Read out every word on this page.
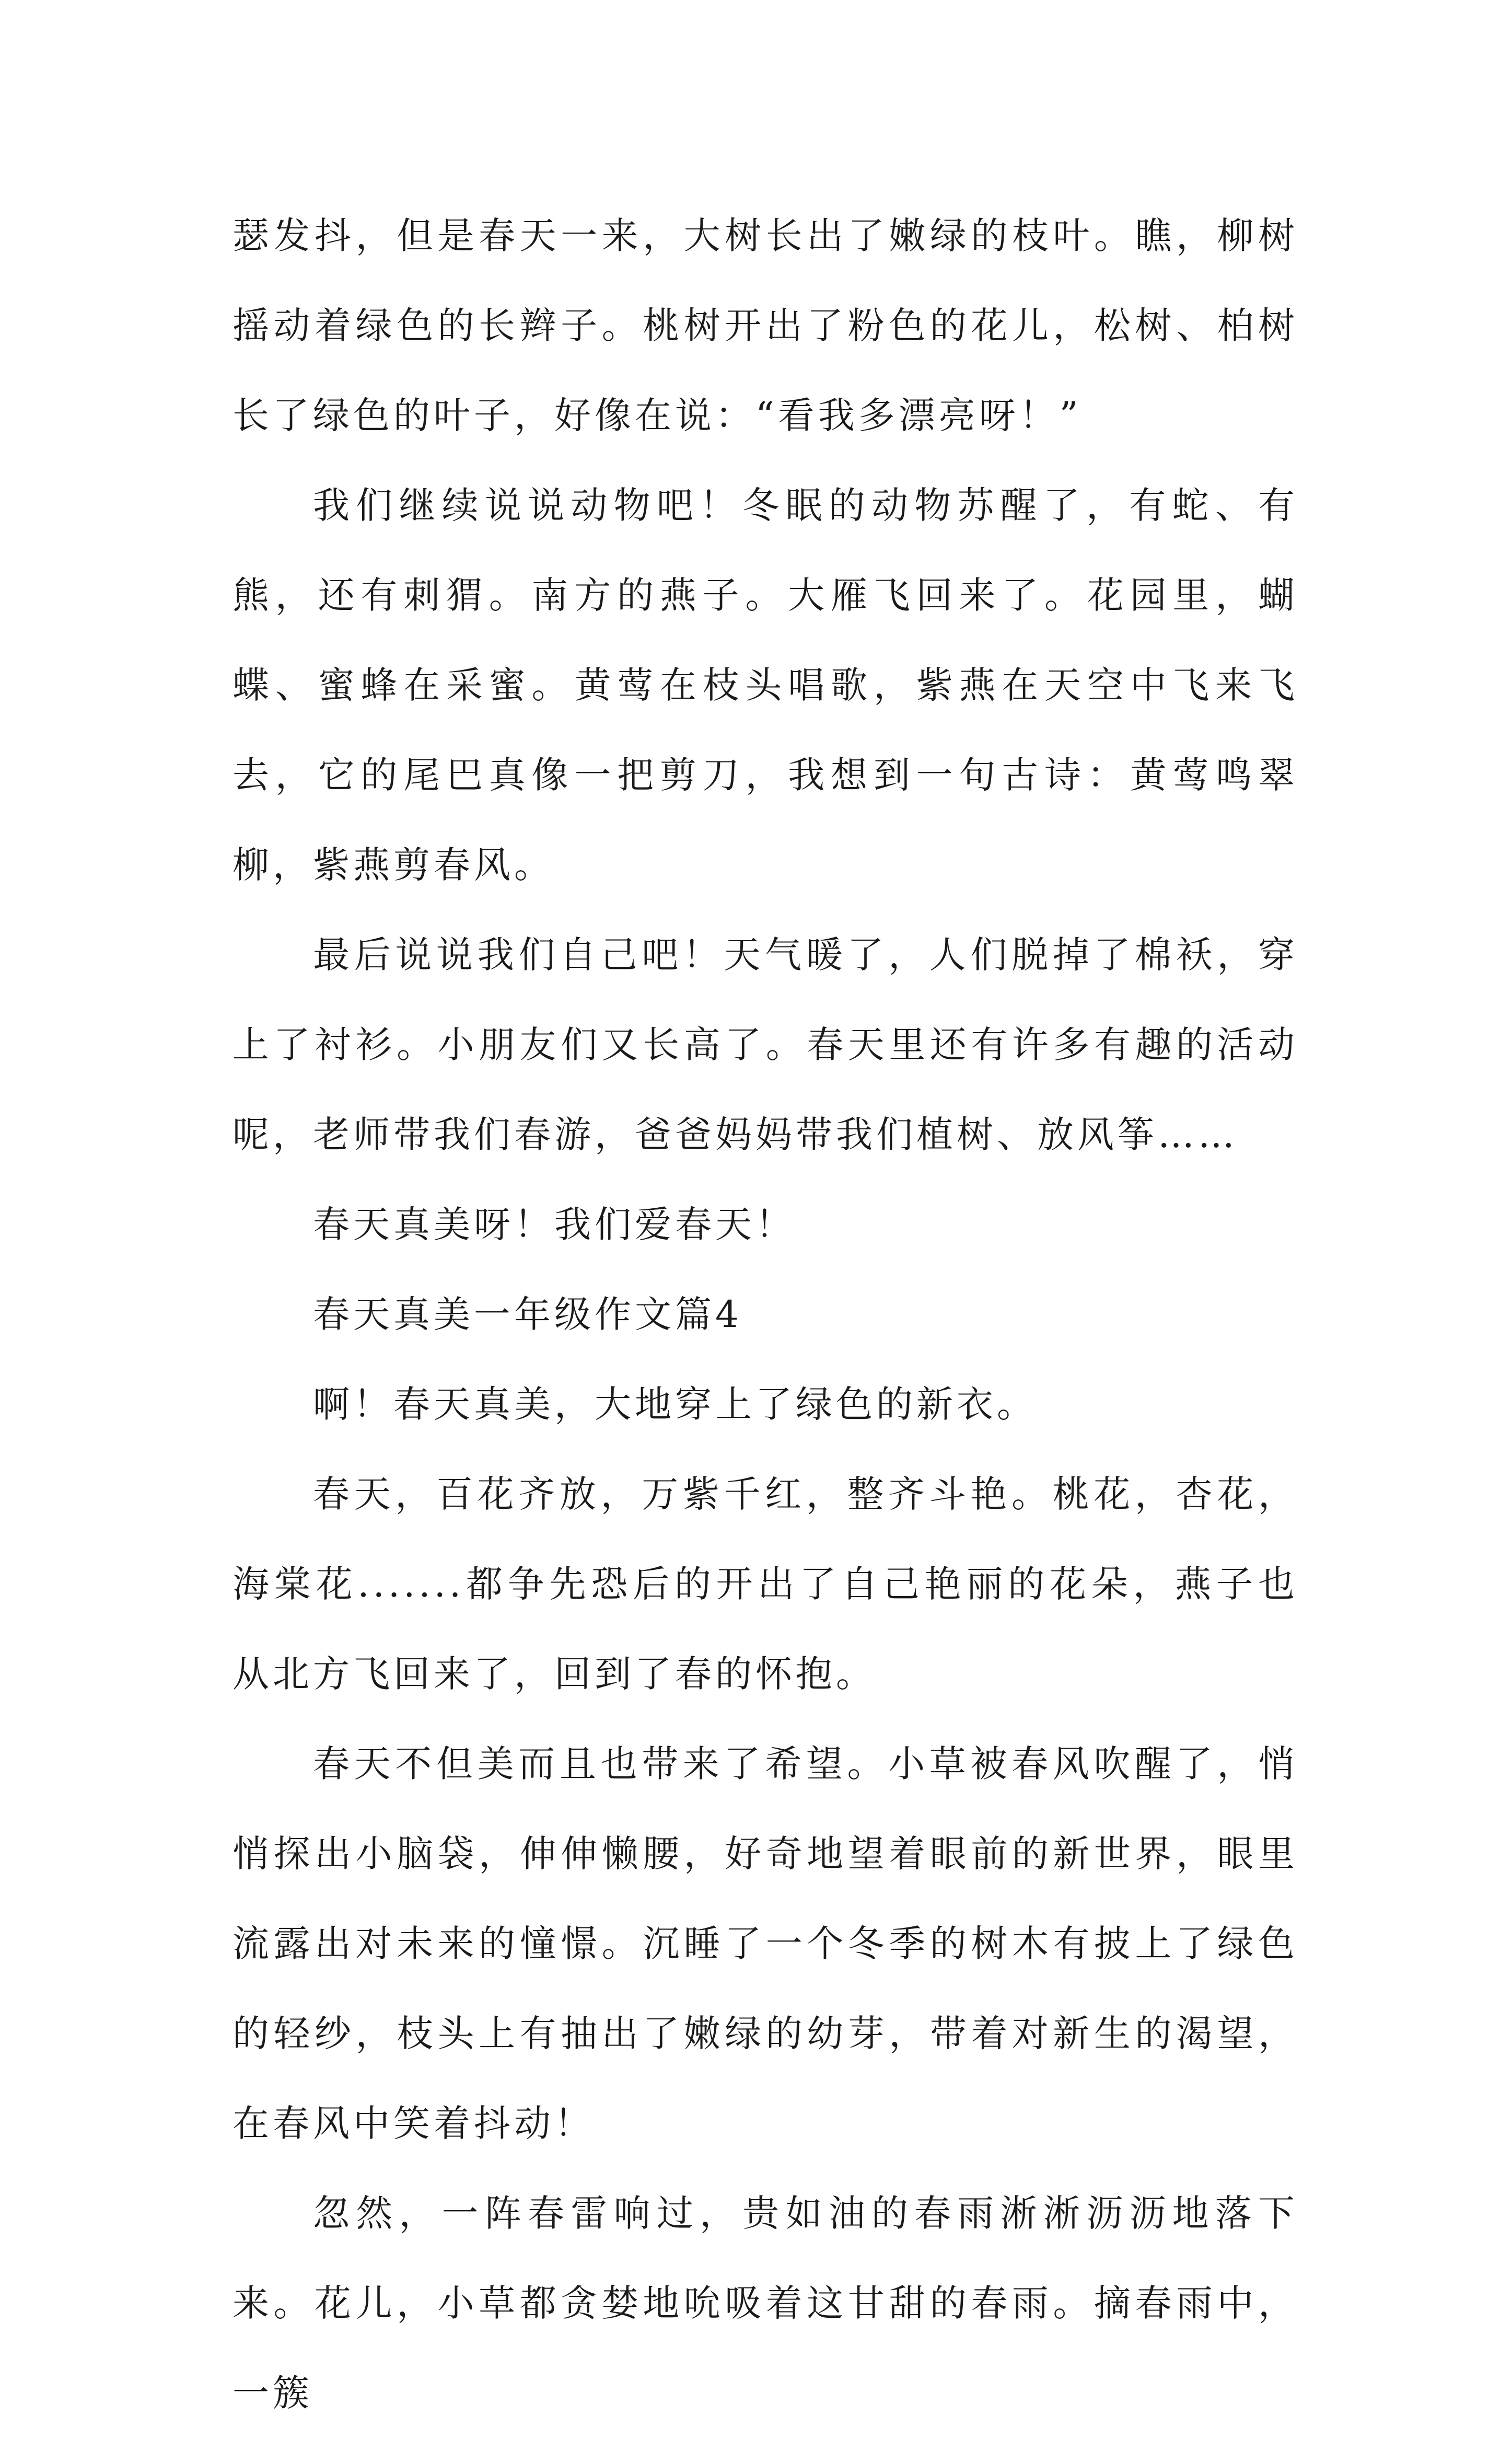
瑟发抖，但是春天一来，大树长出了嫩绿的枝叶。瞧，柳树摇动着绿色的长辫子。桃树开出了粉色的花儿，松树、柏树长了绿色的叶子，好像在说：“看我多漂亮呀！”

我们继续说说动物吧！冬眠的动物苏醒了，有蛇、有熊，还有刺猬。南方的燕子。大雁飞回来了。花园里，蝴蝶、蜜蜂在采蜜。黄莺在枝头唱歌，紫燕在天空中飞来飞去，它的尾巴真像一把剪刀，我想到一句古诗：黄莺鸣翠柳，紫燕剪春风。

最后说说我们自己吧！天气暖了，人们脱掉了棉袄，穿上了衬衫。小朋友们又长高了。春天里还有许多有趣的活动呢，老师带我们春游，爸爸妈妈带我们植树、放风筝……

春天真美呀！我们爱春天！

春天真美一年级作文篇4

啊！春天真美，大地穿上了绿色的新衣。

春天，百花齐放，万紫千红，整齐斗艳。桃花，杏花，海棠花.......都争先恐后的开出了自己艳丽的花朵，燕子也从北方飞回来了，回到了春的怀抱。

春天不但美而且也带来了希望。小草被春风吹醒了，悄悄探出小脑袋，伸伸懒腰，好奇地望着眼前的新世界，眼里流露出对未来的憧憬。沉睡了一个冬季的树木有披上了绿色的轻纱，枝头上有抽出了嫩绿的幼芽，带着对新生的渴望，在春风中笑着抖动！

忽然，一阵春雷响过，贵如油的春雨淅淅沥沥地落下来。花儿，小草都贪婪地吮吸着这甘甜的春雨。摘春雨中，一簇
